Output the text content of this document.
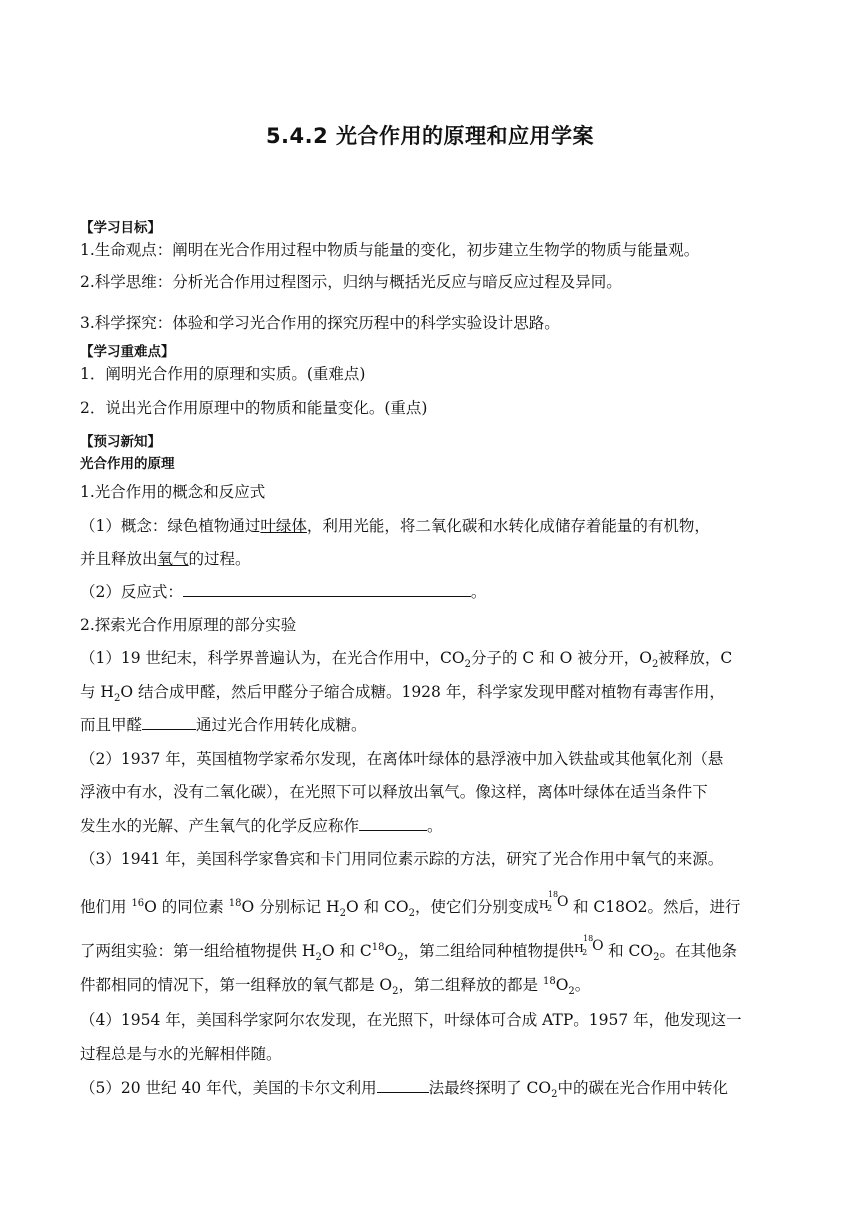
5.4.2 光合作用的原理和应用学案
【学习目标】
1.生命观点：阐明在光合作用过程中物质与能量的变化，初步建立生物学的物质与能量观。
2.科学思维：分析光合作用过程图示，归纳与概括光反应与暗反应过程及异同。
3.科学探究：体验和学习光合作用的探究历程中的科学实验设计思路。
【学习重难点】
1．阐明光合作用的原理和实质。(重难点)
2．说出光合作用原理中的物质和能量变化。(重点)
【预习新知】
光合作用的原理
1.光合作用的概念和反应式
（1）概念：绿色植物通过叶绿体，利用光能，将二氧化碳和水转化成储存着能量的有机物，
并且释放出氧气的过程。
（2）反应式：	。
2.探索光合作用原理的部分实验
（1）19 世纪末，科学界普遍认为，在光合作用中，$CO_2$分子的 C 和 O 被分开，$O_2$被释放，C
与 $H_2O$ 结合成甲醛，然后甲醛分子缩合成糖。1928 年，科学家发现甲醛对植物有毒害作用，
而且甲醛	通过光合作用转化成糖。
（2）1937 年，英国植物学家希尔发现，在离体叶绿体的悬浮液中加入铁盐或其他氧化剂（悬
浮液中有水，没有二氧化碳），在光照下可以释放出氧气。像这样，离体叶绿体在适当条件下
发生水的光解、产生氧气的化学反应称作	。
（3）1941 年，美国科学家鲁宾和卡门用同位素示踪的方法，研究了光合作用中氧气的来源。
他们用 $^{16}$O 的同位素 $^{18}$O 分别标记 $H_2O$ 和 $CO_2$，使它们分别变成 H
2
18
O 和 C18O2。然后，进行
了两组实验：第一组给植物提供 $H_2O$ 和 $C^{18}O_2$，第二组给同种植物提供 H
2
18
O 和 $CO_2$。在其他条
件都相同的情况下，第一组释放的氧气都是 $O_2$，第二组释放的都是 $^{18}O_2$。
（4）1954 年，美国科学家阿尔农发现，在光照下，叶绿体可合成 ATP。1957 年，他发现这一
过程总是与水的光解相伴随。
（5）20 世纪 40 年代，美国的卡尔文利用	法最终探明了 $CO_2$中的碳在光合作用中转化
